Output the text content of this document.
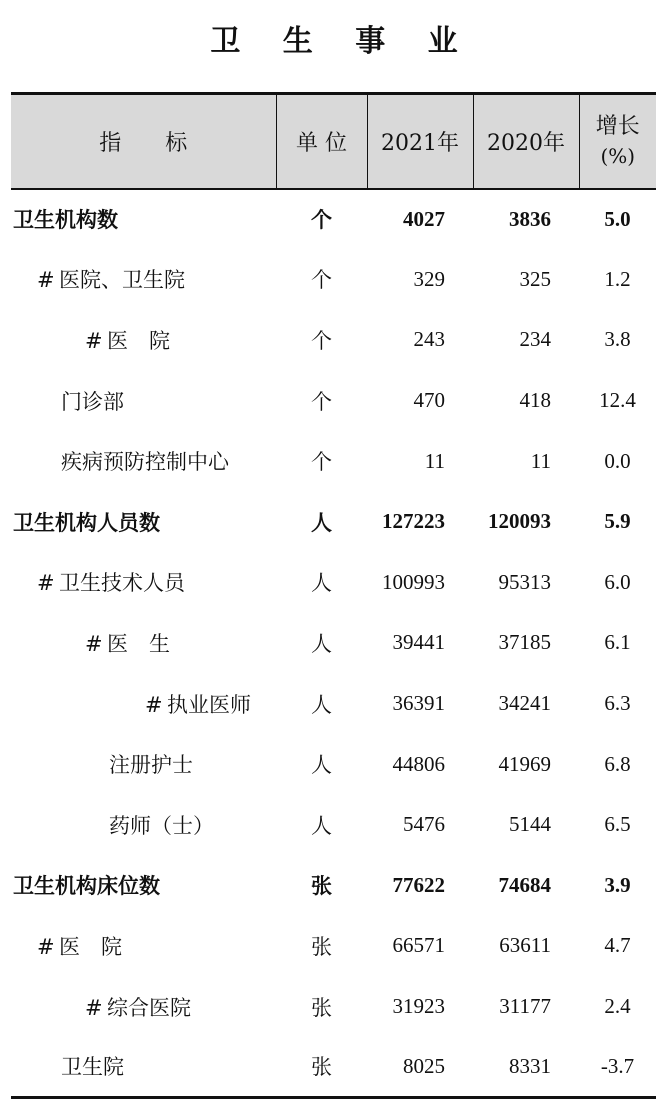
卫 生 事 业
指　　标	单 位	2021年	2020年	增长
(%)

卫生机构数	个	4027	3836	5.0
# 医院、卫生院	个	329	325	1.2
# 医　院	个	243	234	3.8
门诊部	个	470	418	12.4
疾病预防控制中心	个	11	11	0.0
卫生机构人员数	人	127223	120093	5.9
# 卫生技术人员	人	100993	95313	6.0
# 医　生	人	39441	37185	6.1
# 执业医师	人	36391	34241	6.3
注册护士	人	44806	41969	6.8
药师（士）	人	5476	5144	6.5
卫生机构床位数	张	77622	74684	3.9
# 医　院	张	66571	63611	4.7
# 综合医院	张	31923	31177	2.4
卫生院	张	8025	8331	-3.7
